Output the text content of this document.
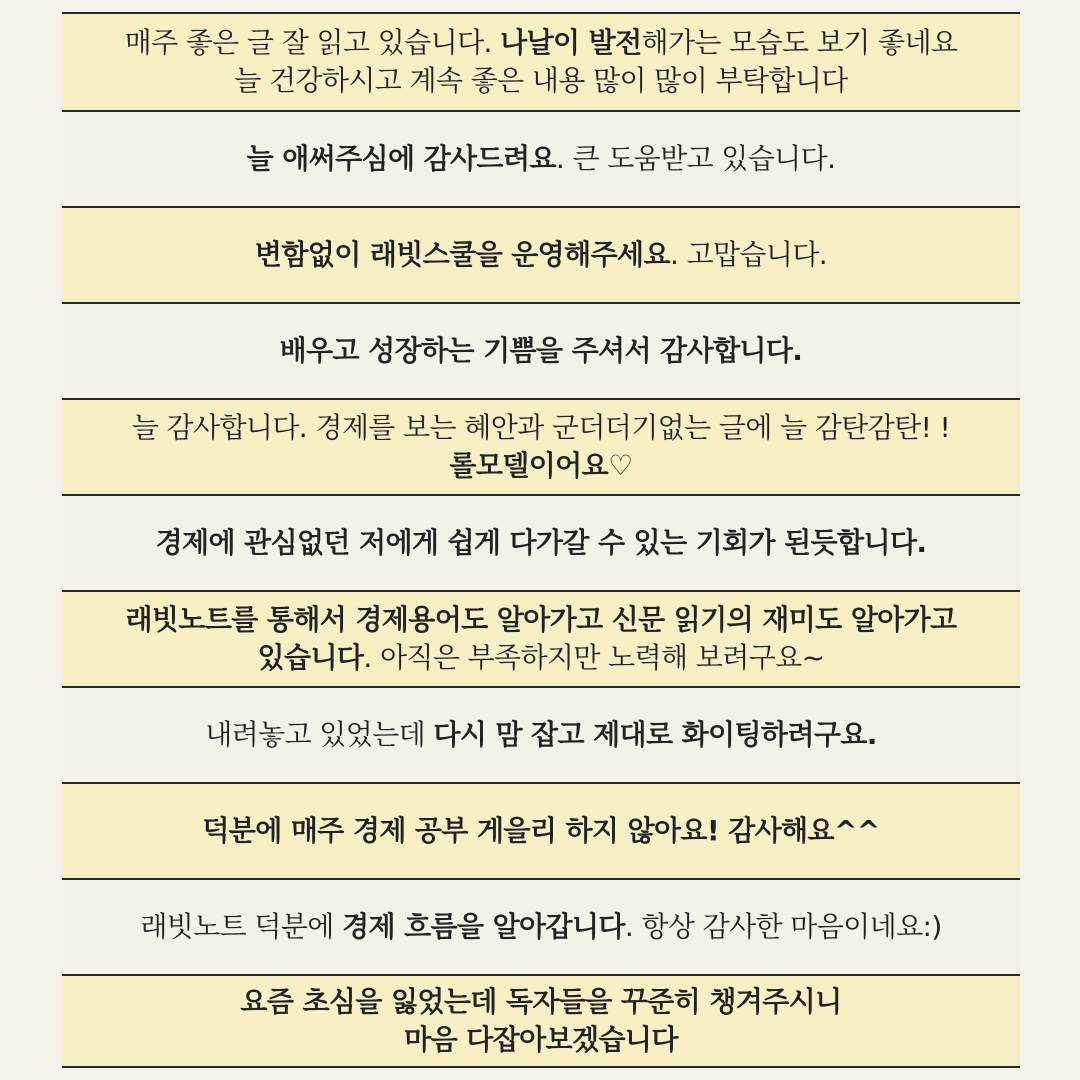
매주 좋은 글 잘 읽고 있습니다. 나날이 발전해가는 모습도 보기 좋네요

늘 건강하시고 계속 좋은 내용 많이 많이 부탁합니다

늘 애써주심에 감사드려요. 큰 도움받고 있습니다.

변함없이 래빗스쿨을 운영해주세요. 고맙습니다.

배우고 성장하는 기쁨을 주셔서 감사합니다.

늘 감사합니다. 경제를 보는 혜안과 군더더기없는 글에 늘 감탄감탄! !

롤모델이어요♡

경제에 관심없던 저에게 쉽게 다가갈 수 있는 기회가 된듯합니다.

래빗노트를 통해서 경제용어도 알아가고 신문 읽기의 재미도 알아가고

있습니다. 아직은 부족하지만 노력해 보려구요~

내려놓고 있었는데 다시 맘 잡고 제대로 화이팅하려구요.

덕분에 매주 경제 공부 게을리 하지 않아요! 감사해요^^

래빗노트 덕분에 경제 흐름을 알아갑니다. 항상 감사한 마음이네요:)

요즘 초심을 잃었는데 독자들을 꾸준히 챙겨주시니

마음 다잡아보겠습니다
